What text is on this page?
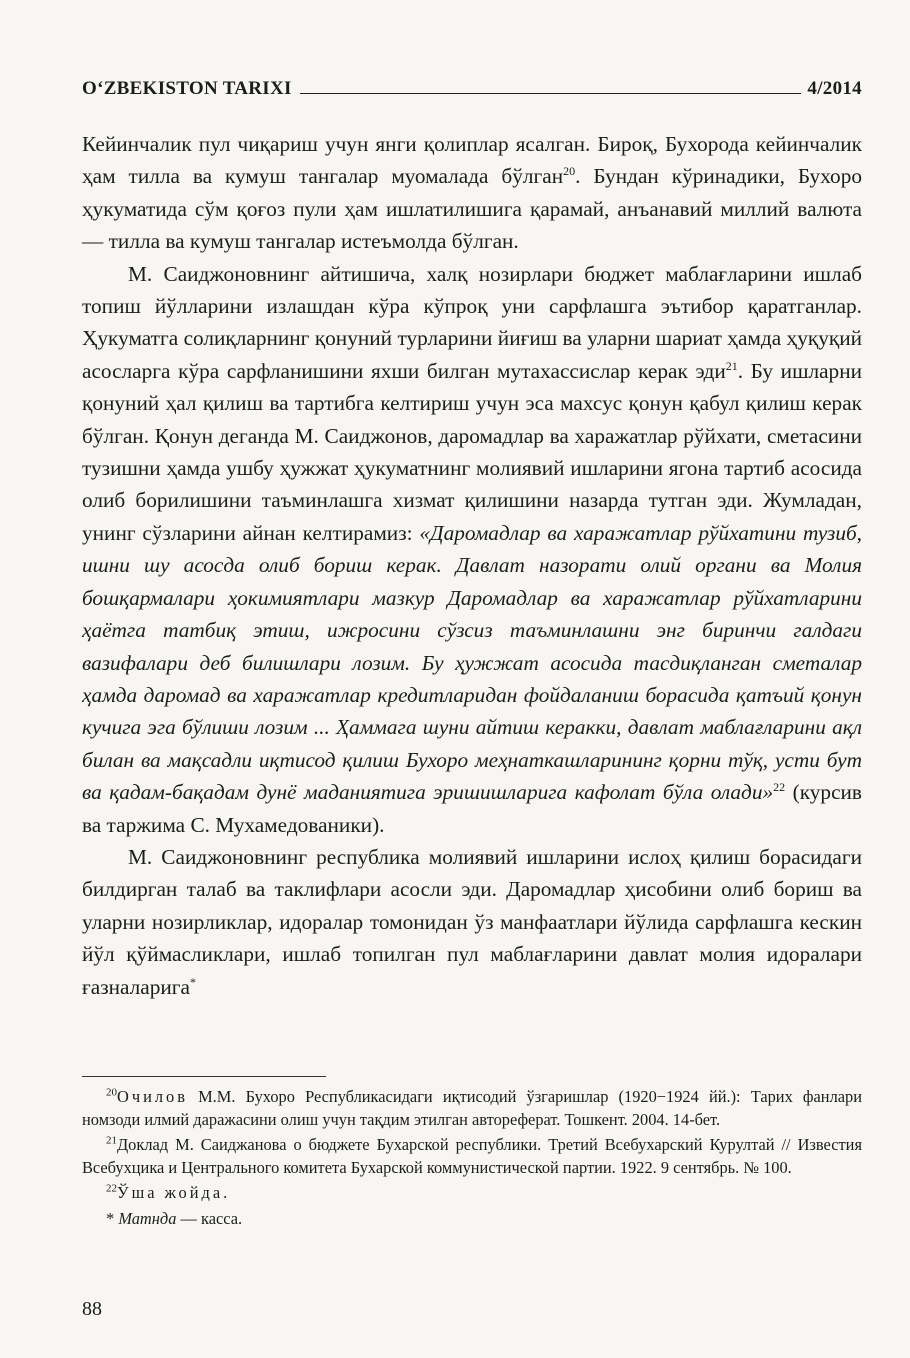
O‘ZBEKISTON TARIXI	4/2014

Кейинчалик пул чиқариш учун янги қолиплар ясалган. Бироқ, Бухорода кейинчалик ҳам тилла ва кумуш тангалар муомалада бўлган$^{20}$. Бундан кўринадики, Бухоро ҳукуматида сўм қоғоз пули ҳам ишлатилишига қарамай, анъанавий миллий валюта — тилла ва кумуш тангалар истеъмолда бўлган.

М. Саиджоновнинг айтишича, халқ нозирлари бюджет маблағларини ишлаб топиш йўлларини излашдан кўра кўпроқ уни сарфлашга эътибор қаратганлар. Ҳукуматга солиқларнинг қонуний турларини йиғиш ва уларни шариат ҳамда ҳуқуқий асосларга кўра сарфланишини яхши билган мутахассислар керак эди$^{21}$. Бу ишларни қонуний ҳал қилиш ва тартибга келтириш учун эса махсус қонун қабул қилиш керак бўлган. Қонун деганда М. Саиджонов, даромадлар ва харажатлар рўйхати, сметасини тузишни ҳамда ушбу ҳужжат ҳукуматнинг молиявий ишларини ягона тартиб асосида олиб борилишини таъминлашга хизмат қилишини назарда тутган эди. Жумладан, унинг сўзларини айнан келтирамиз: «Даромадлар ва харажатлар рўйхатини тузиб, ишни шу асосда олиб бориш керак. Давлат назорати олий органи ва Молия бошқармалари ҳокимиятлари мазкур Даромадлар ва харажатлар рўйхатларини ҳаётга татбиқ этиш, ижросини сўзсиз таъминлашни энг биринчи галдаги вазифалари деб билишлари лозим. Бу ҳужжат асосида тасдиқланган сметалар ҳамда даромад ва харажатлар кредитларидан фойдаланиш борасида қатъий қонун кучига эга бўлиши лозим ... Ҳаммага шуни айтиш керакки, давлат маблағларини ақл билан ва мақсадли иқтисод қилиш Бухоро меҳнаткашларининг қорни тўқ, усти бут ва қадам-бақадам дунё маданиятига эришишларига кафолат бўла олади»$^{22}$ (курсив ва таржима С. Мухамедованики).

М. Саиджоновнинг республика молиявий ишларини ислоҳ қилиш борасидаги билдирган талаб ва таклифлари асосли эди. Даромадлар ҳисобини олиб бориш ва уларни нозирликлар, идоралар томонидан ўз манфаатлари йўлида сарфлашга кескин йўл қўймасликлари, ишлаб топилган пул маблағларини давлат молия идоралари ғазналарига*

$^{20}$Очилов М.М. Бухоро Республикасидаги иқтисодий ўзгаришлар (1920−1924 йй.): Тарих фанлари номзоди илмий даражасини олиш учун тақдим этилган автореферат. Тошкент. 2004. 14-бет.

$^{21}$Доклад М. Саиджанова о бюджете Бухарской республики. Третий Всебухарский Курултай // Известия Всебухцика и Центрального комитета Бухарской коммунистической партии. 1922. 9 сентябрь. № 100.

$^{22}$Ўша жойда.

* Матнда — касса.

88
